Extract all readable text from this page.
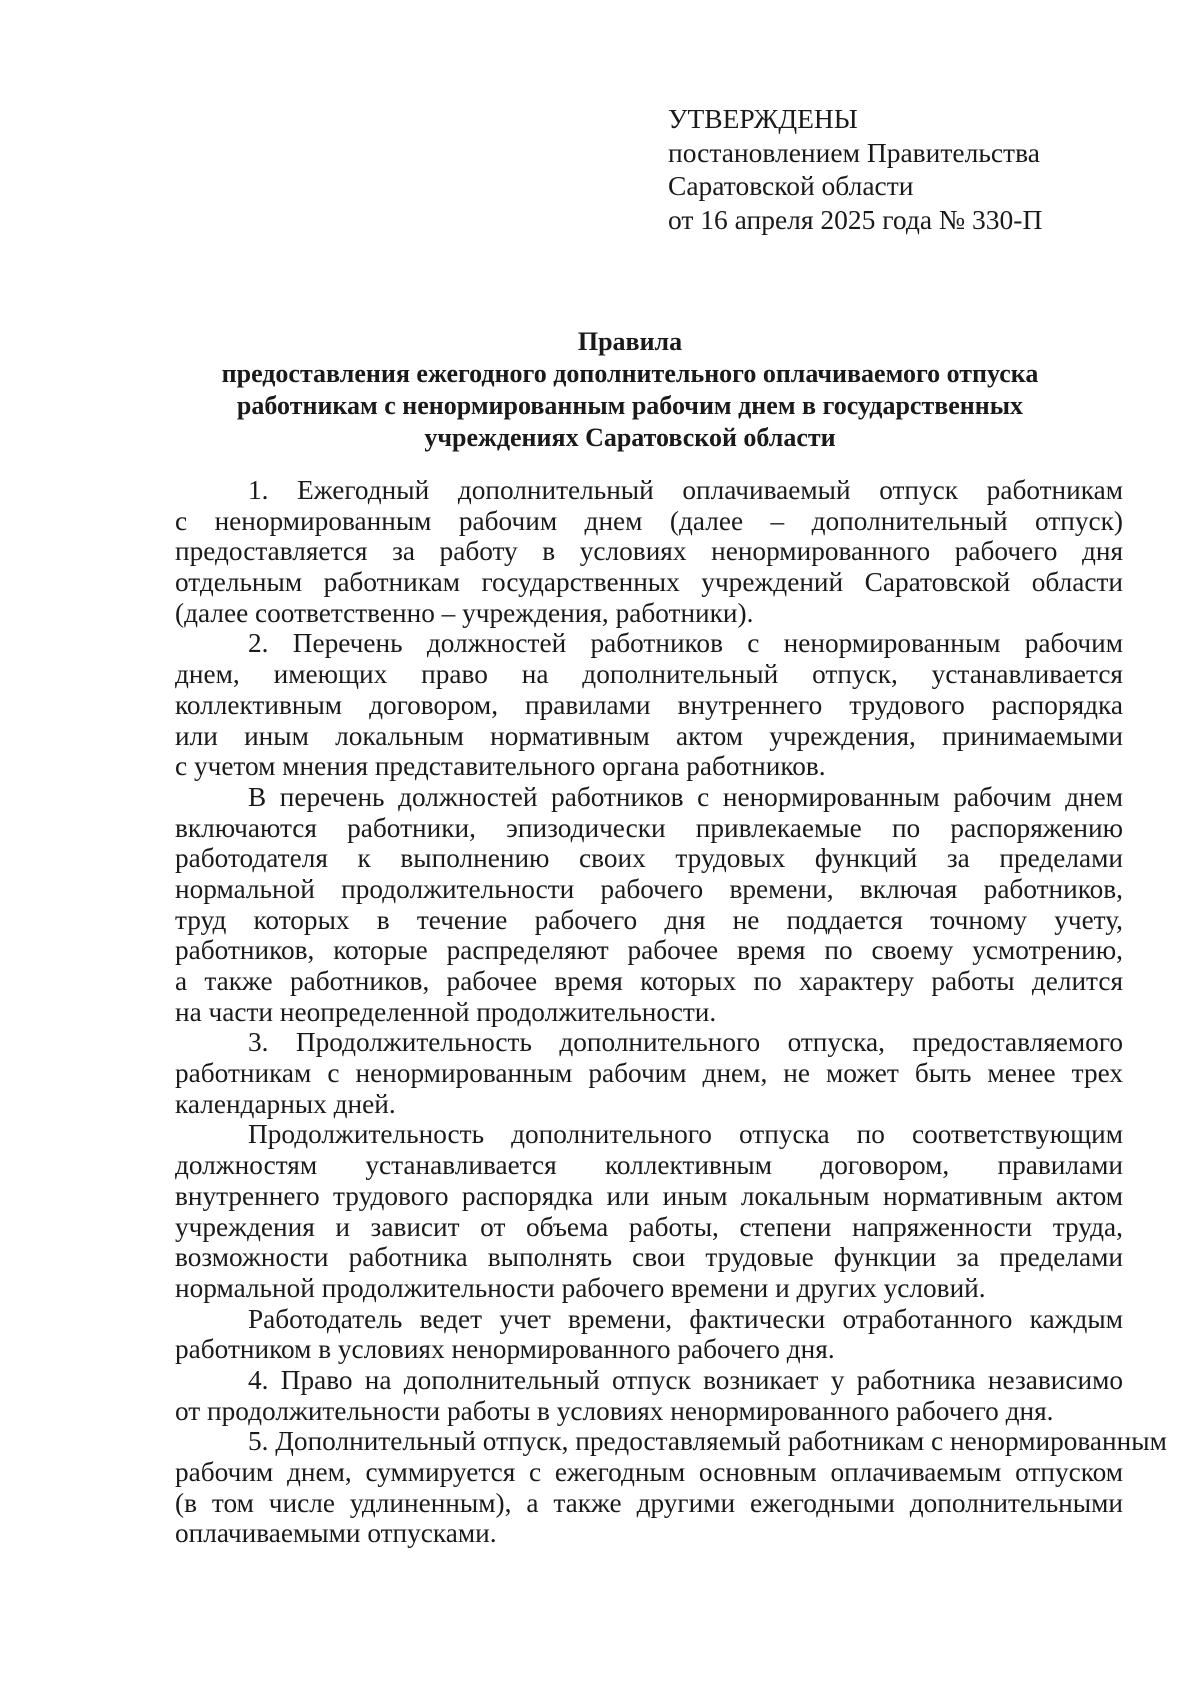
УТВЕРЖДЕНЫ
постановлением Правительства
Саратовской области
от 16 апреля 2025 года № 330-П
Правила
предоставления ежегодного дополнительного оплачиваемого отпуска
работникам с ненормированным рабочим днем в государственных
учреждениях Саратовской области
1. Ежегодный дополнительный оплачиваемый отпуск работникам
с ненормированным рабочим днем (далее – дополнительный отпуск)
предоставляется за работу в условиях ненормированного рабочего дня
отдельным работникам государственных учреждений Саратовской области
(далее соответственно – учреждения, работники).
2. Перечень должностей работников с ненормированным рабочим
днем, имеющих право на дополнительный отпуск, устанавливается
коллективным договором, правилами внутреннего трудового распорядка
или иным локальным нормативным актом учреждения, принимаемыми
с учетом мнения представительного органа работников.
В перечень должностей работников с ненормированным рабочим днем
включаются работники, эпизодически привлекаемые по распоряжению
работодателя к выполнению своих трудовых функций за пределами
нормальной продолжительности рабочего времени, включая работников,
труд которых в течение рабочего дня не поддается точному учету,
работников, которые распределяют рабочее время по своему усмотрению,
а также работников, рабочее время которых по характеру работы делится
на части неопределенной продолжительности.
3. Продолжительность дополнительного отпуска, предоставляемого
работникам с ненормированным рабочим днем, не может быть менее трех
календарных дней.
Продолжительность дополнительного отпуска по соответствующим
должностям устанавливается коллективным договором, правилами
внутреннего трудового распорядка или иным локальным нормативным актом
учреждения и зависит от объема работы, степени напряженности труда,
возможности работника выполнять свои трудовые функции за пределами
нормальной продолжительности рабочего времени и других условий.
Работодатель ведет учет времени, фактически отработанного каждым
работником в условиях ненормированного рабочего дня.
4. Право на дополнительный отпуск возникает у работника независимо
от продолжительности работы в условиях ненормированного рабочего дня.
5. Дополнительный отпуск, предоставляемый работникам с ненормированным
рабочим днем, суммируется с ежегодным основным оплачиваемым отпуском
(в том числе удлиненным), а также другими ежегодными дополнительными
оплачиваемыми отпусками.
